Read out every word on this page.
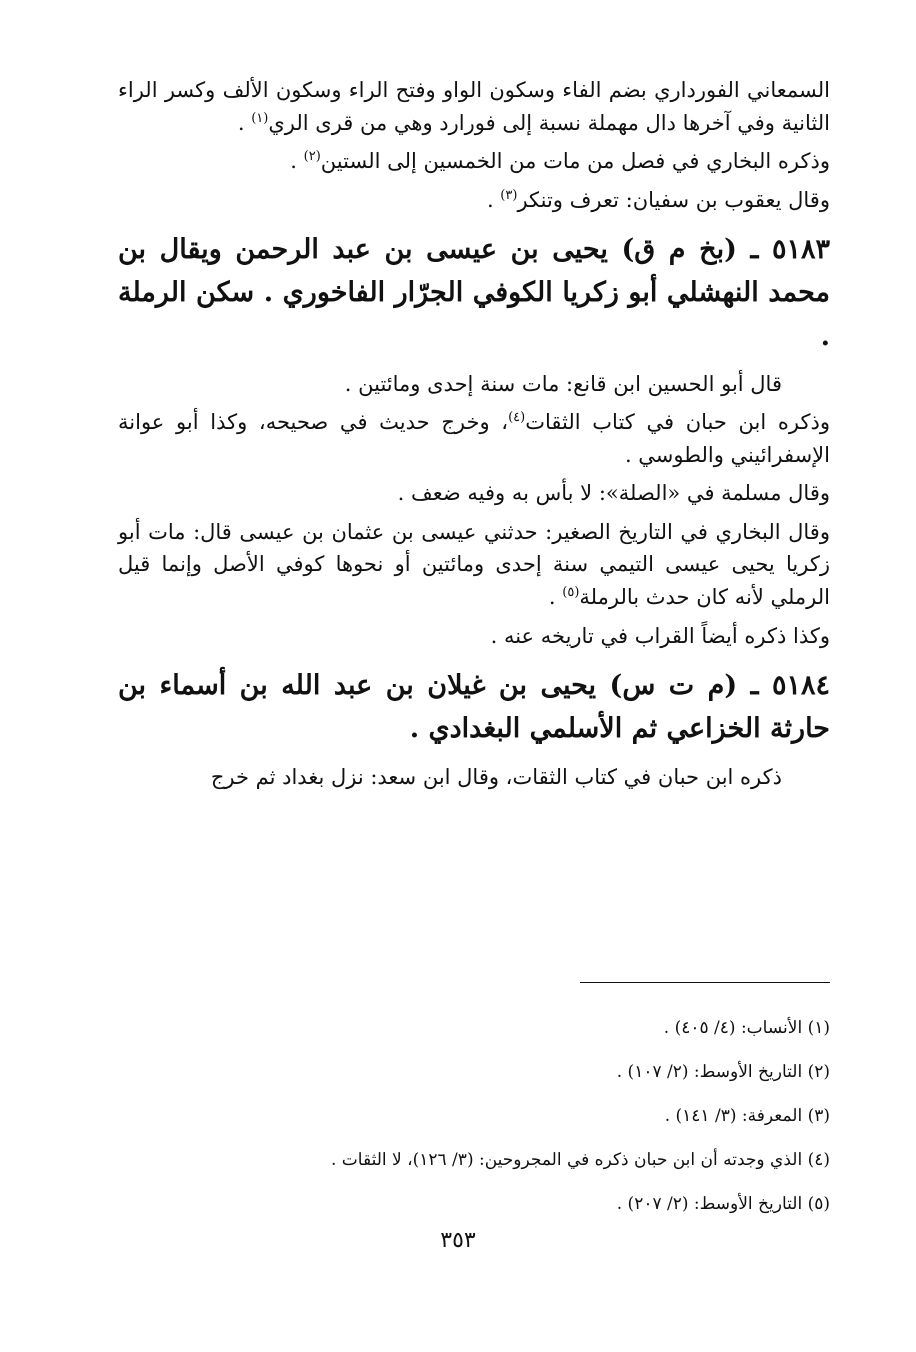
السمعاني الفورداري بضم الفاء وسكون الواو وفتح الراء وسكون الألف وكسر الراء الثانية وفي آخرها دال مهملة نسبة إلى فورارد وهي من قرى الري$^{(١)}$ .

وذكره البخاري في فصل من مات من الخمسين إلى الستين$^{(٢)}$ .

وقال يعقوب بن سفيان: تعرف وتنكر$^{(٣)}$ .

٥١٨٣ ـ (بخ م ق) يحيى بن عيسى بن عبد الرحمن ويقال بن محمد النهشلي أبو زكريا الكوفي الجرّار الفاخوري . سكن الرملة .

قال أبو الحسين ابن قانع: مات سنة إحدى ومائتين .

وذكره ابن حبان في كتاب الثقات$^{(٤)}$، وخرج حديث في صحيحه، وكذا أبو عوانة الإسفرائيني والطوسي .

وقال مسلمة في «الصلة»: لا بأس به وفيه ضعف .

وقال البخاري في التاريخ الصغير: حدثني عيسى بن عثمان بن عيسى قال: مات أبو زكريا يحيى عيسى التيمي سنة إحدى ومائتين أو نحوها كوفي الأصل وإنما قيل الرملي لأنه كان حدث بالرملة$^{(٥)}$ .

وكذا ذكره أيضاً القراب في تاريخه عنه .

٥١٨٤ ـ (م ت س) يحيى بن غيلان بن عبد الله بن أسماء بن حارثة الخزاعي ثم الأسلمي البغدادي .

ذكره ابن حبان في كتاب الثقات، وقال ابن سعد: نزل بغداد ثم خرج

(١) الأنساب: (٤/ ٤٠٥) .
(٢) التاريخ الأوسط: (٢/ ١٠٧) .
(٣) المعرفة: (٣/ ١٤١) .
(٤) الذي وجدته أن ابن حبان ذكره في المجروحين: (٣/ ١٢٦)، لا الثقات .
(٥) التاريخ الأوسط: (٢/ ٢٠٧) .
٣٥٣
